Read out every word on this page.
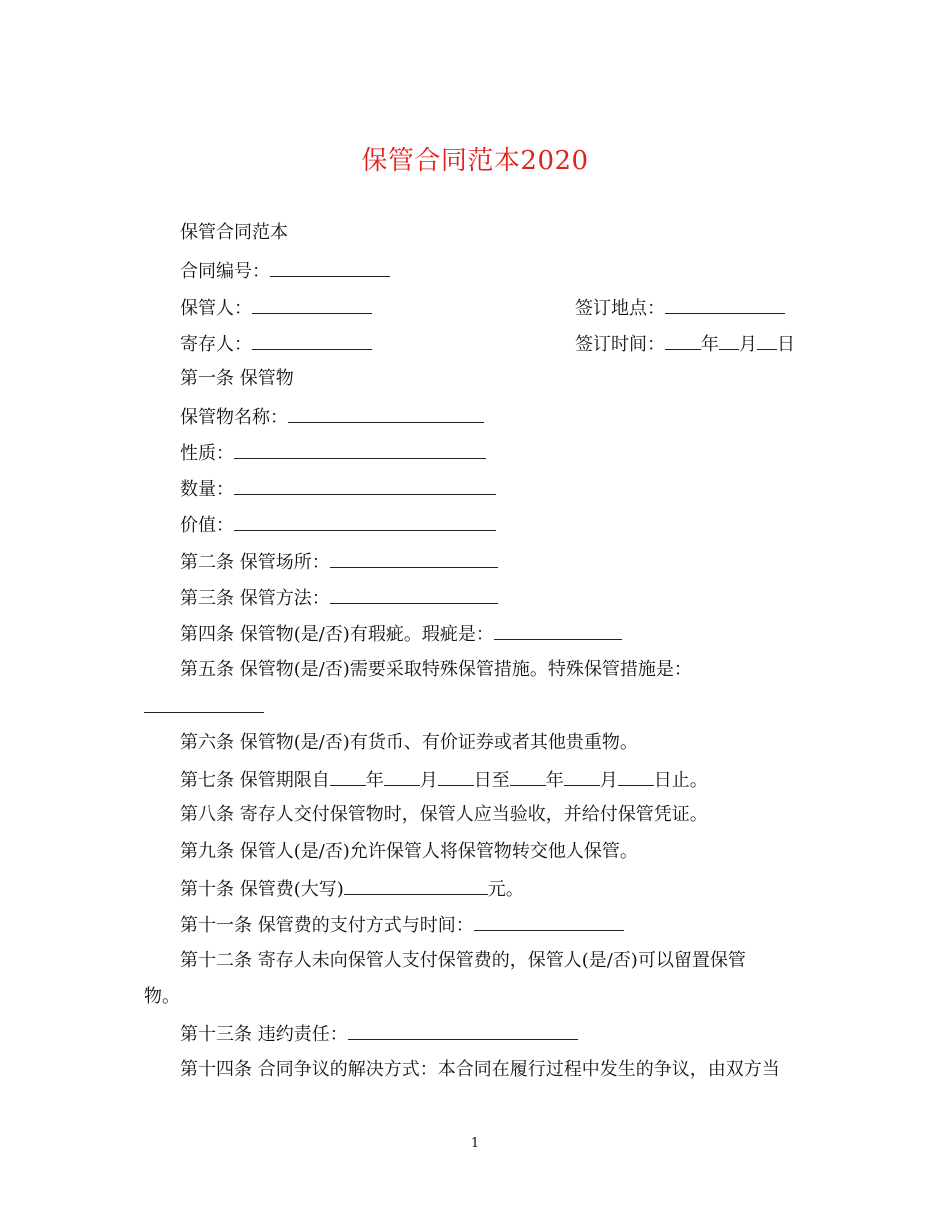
保管合同范本2020
保管合同范本
合同编号：
保管人：	签订地点：
寄存人：	签订时间： 年 月 日
第一条 保管物
保管物名称：
性质：
数量：
价值：
第二条 保管场所：
第三条 保管方法：
第四条 保管物(是/否)有瑕疵。瑕疵是：
第五条 保管物(是/否)需要采取特殊保管措施。特殊保管措施是：
第六条 保管物(是/否)有货币、有价证券或者其他贵重物。
第七条 保管期限自 年 月 日至 年 月 日止。
第八条 寄存人交付保管物时，保管人应当验收，并给付保管凭证。
第九条 保管人(是/否)允许保管人将保管物转交他人保管。
第十条 保管费(大写)	元。
第十一条 保管费的支付方式与时间：
第十二条 寄存人未向保管人支付保管费的，保管人(是/否)可以留置保管
物。
第十三条 违约责任：
第十四条 合同争议的解决方式：本合同在履行过程中发生的争议，由双方当
1
